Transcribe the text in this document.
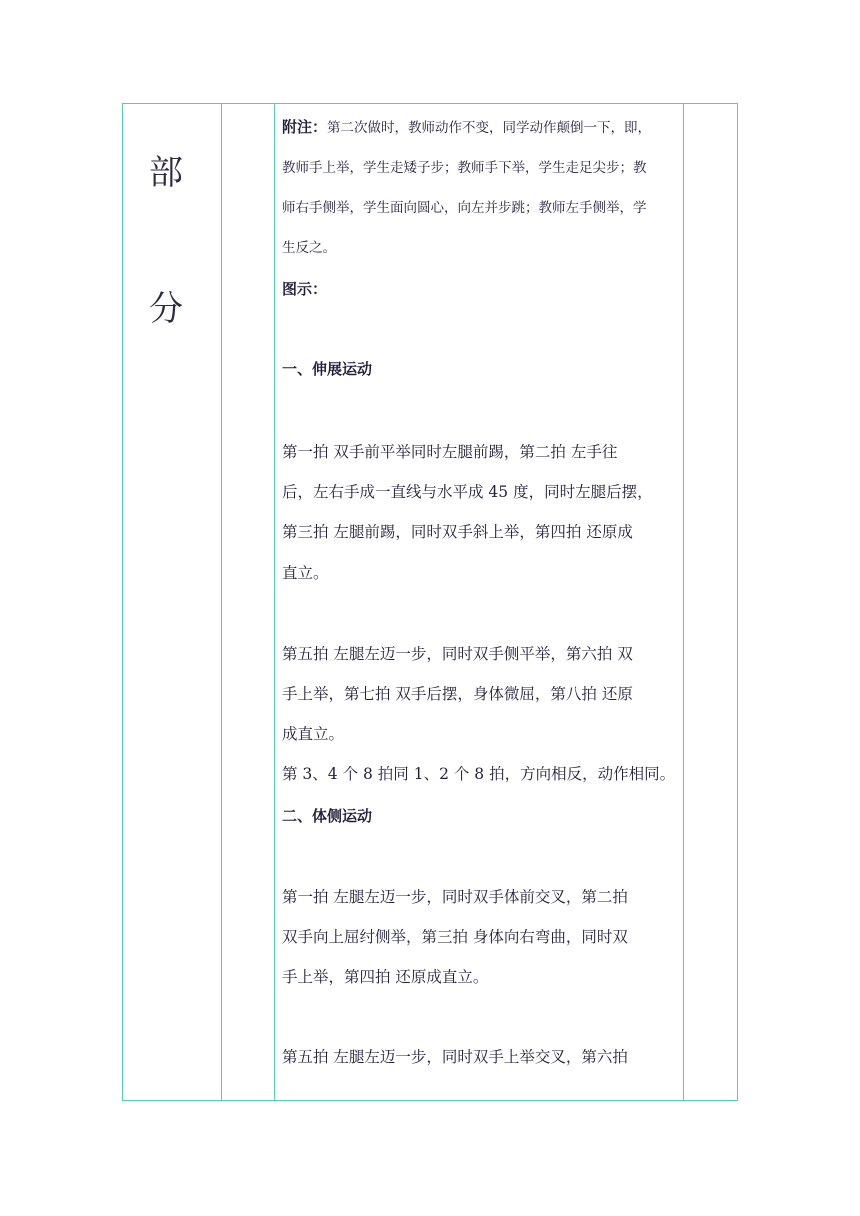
部
分
附注：第二次做时，教师动作不变，同学动作颠倒一下，即，
教师手上举，学生走矮子步；教师手下举，学生走足尖步；教
师右手侧举，学生面向圆心，向左并步跳；教师左手侧举，学
生反之。
图示：
一、伸展运动
第一拍 双手前平举同时左腿前踢，第二拍 左手往
后，左右手成一直线与水平成 45 度，同时左腿后摆，
第三拍 左腿前踢，同时双手斜上举，第四拍 还原成
直立。
第五拍 左腿左迈一步，同时双手侧平举，第六拍 双
手上举，第七拍 双手后摆，身体微屈，第八拍 还原
成直立。
第 3、4 个 8 拍同 1、2 个 8 拍，方向相反，动作相同。
二、体侧运动
第一拍 左腿左迈一步，同时双手体前交叉，第二拍
双手向上屈纣侧举，第三拍 身体向右弯曲，同时双
手上举，第四拍 还原成直立。
第五拍 左腿左迈一步，同时双手上举交叉，第六拍
